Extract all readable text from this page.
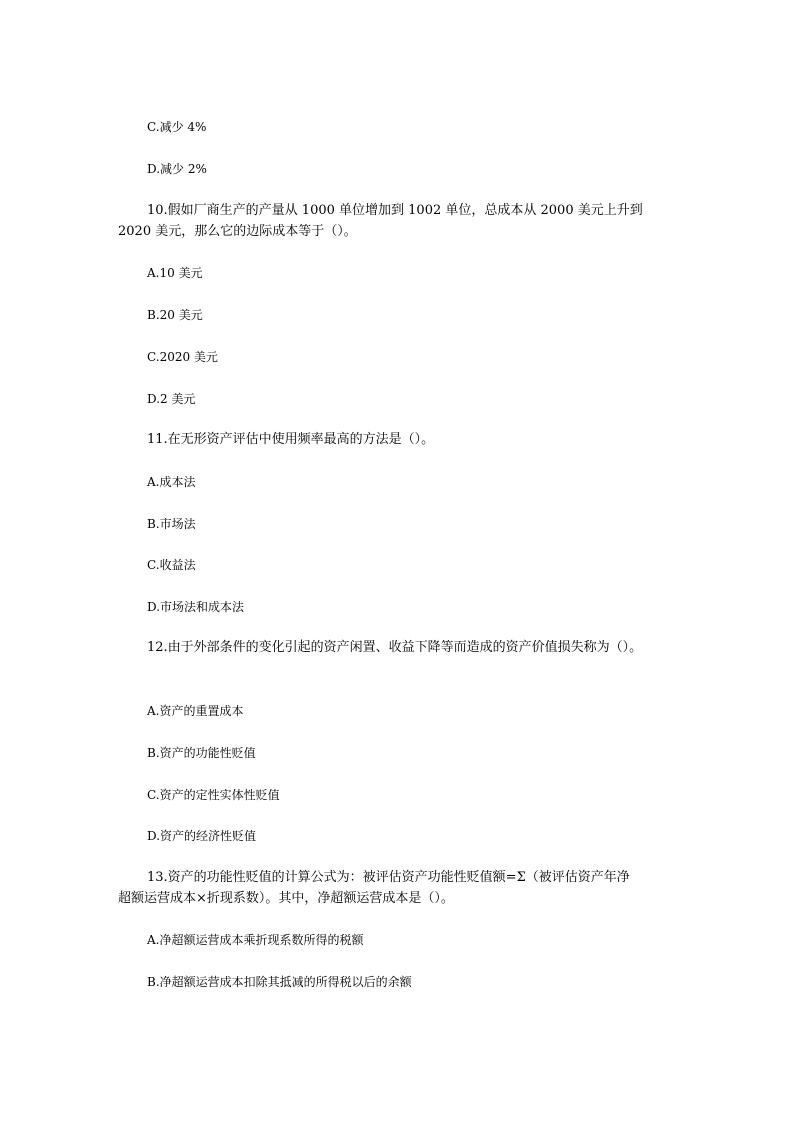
C.减少 4%
D.减少 2%
10.假如厂商生产的产量从 1000 单位增加到 1002 单位，总成本从 2000 美元上升到
2020 美元，那么它的边际成本等于（）。
A.10 美元
B.20 美元
C.2020 美元
D.2 美元
11.在无形资产评估中使用频率最高的方法是（）。
A.成本法
B.市场法
C.收益法
D.市场法和成本法
12.由于外部条件的变化引起的资产闲置、收益下降等而造成的资产价值损失称为（）。
A.资产的重置成本
B.资产的功能性贬值
C.资产的定性实体性贬值
D.资产的经济性贬值
13.资产的功能性贬值的计算公式为：被评估资产功能性贬值额=Σ（被评估资产年净
超额运营成本×折现系数）。其中，净超额运营成本是（）。
A.净超额运营成本乘折现系数所得的税额
B.净超额运营成本扣除其抵减的所得税以后的余额
